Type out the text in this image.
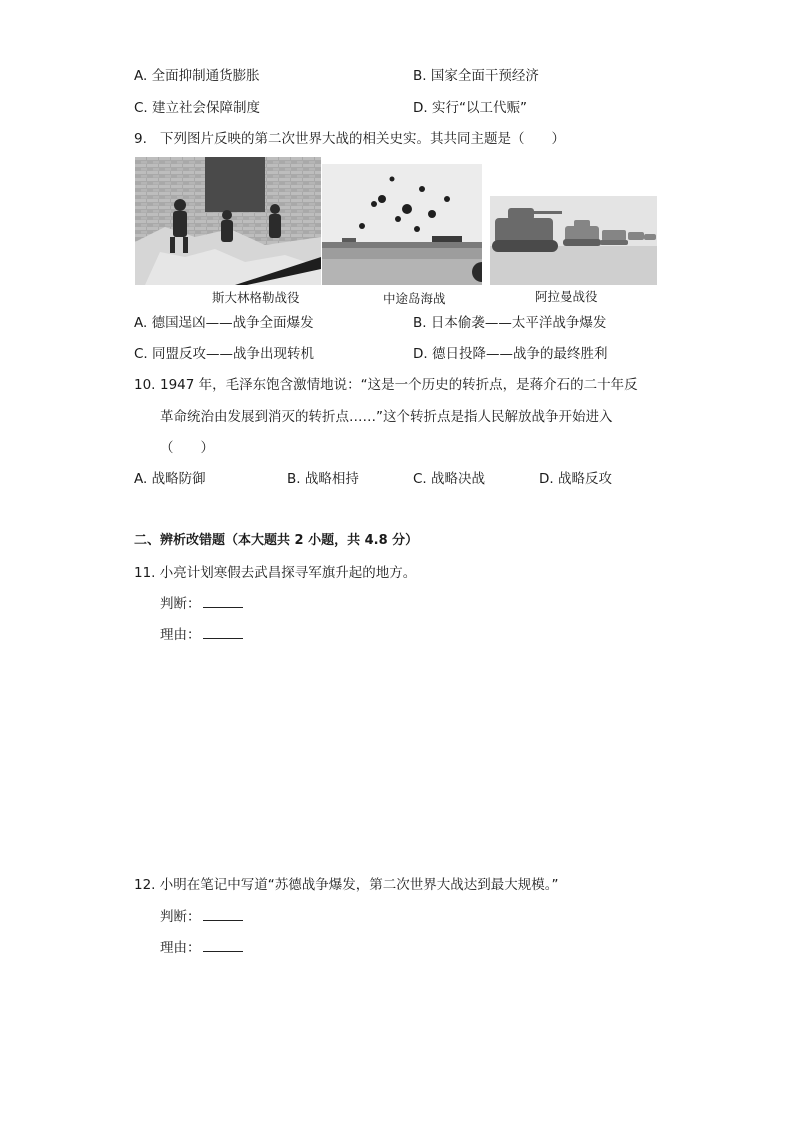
A. 全面抑制通货膨胀	B. 国家全面干预经济
C. 建立社会保障制度	D. 实行“以工代赈”
9. 下列图片反映的第二次世界大战的相关史实。其共同主题是（　　）
斯大林格勒战役	中途岛海战	阿拉曼战役
A. 德国逞凶——战争全面爆发	B. 日本偷袭——太平洋战争爆发
C. 同盟反攻——战争出现转机	D. 德日投降——战争的最终胜利
10. 1947 年，毛泽东饱含激情地说：“这是一个历史的转折点，是蒋介石的二十年反
革命统治由发展到消灭的转折点……”这个转折点是指人民解放战争开始进入
（　　）
A. 战略防御	B. 战略相持	C. 战略决战	D. 战略反攻
二、辨析改错题（本大题共 2 小题，共 4.8 分）
11. 小亮计划寒假去武昌探寻军旗升起的地方。
判断：
理由：
12. 小明在笔记中写道“苏德战争爆发，第二次世界大战达到最大规模。”
判断：
理由：
